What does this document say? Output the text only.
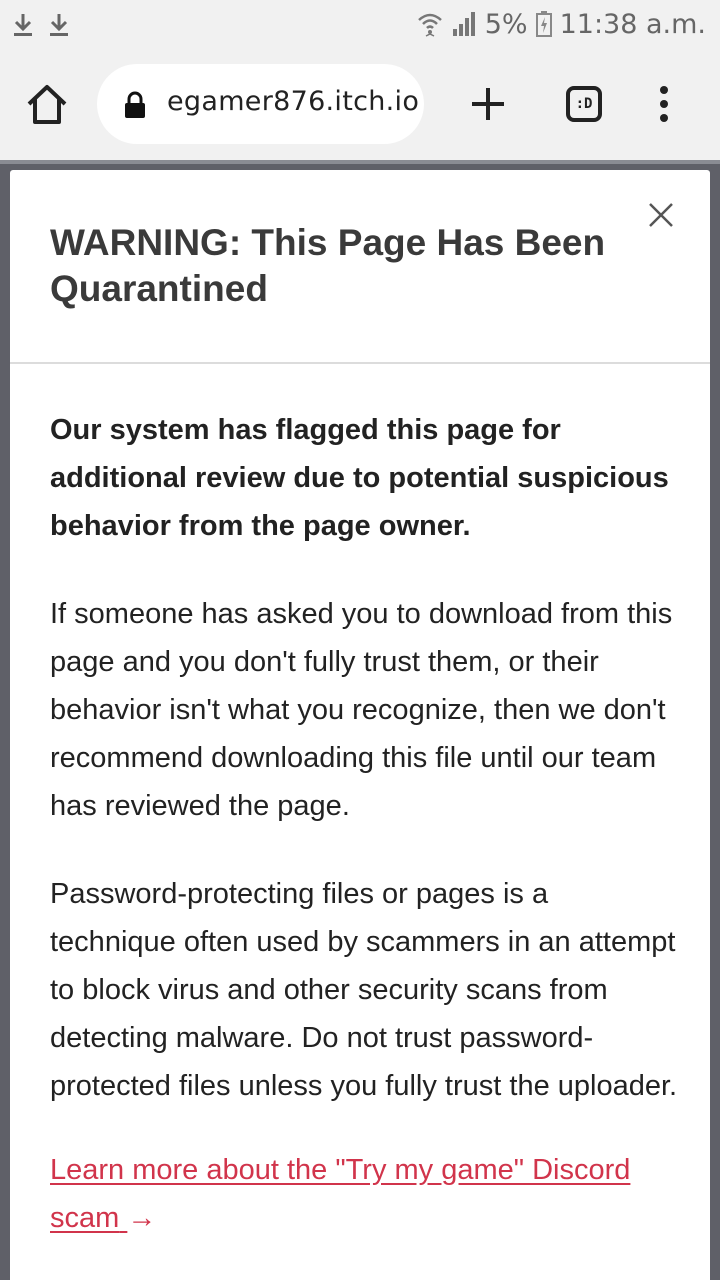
5% 11:38 a.m.
egamer876.itch.io	:D
WARNING: This Page Has Been Quarantined

Our system has flagged this page for additional review due to potential suspicious behavior from the page owner.

If someone has asked you to download from this page and you don't fully trust them, or their behavior isn't what you recognize, then we don't recommend downloading this file until our team has reviewed the page.

Password-protecting files or pages is a technique often used by scammers in an attempt to block virus and other security scans from detecting malware. Do not trust password-protected files unless you fully trust the uploader.

Learn more about the "Try my game" Discord scam →
